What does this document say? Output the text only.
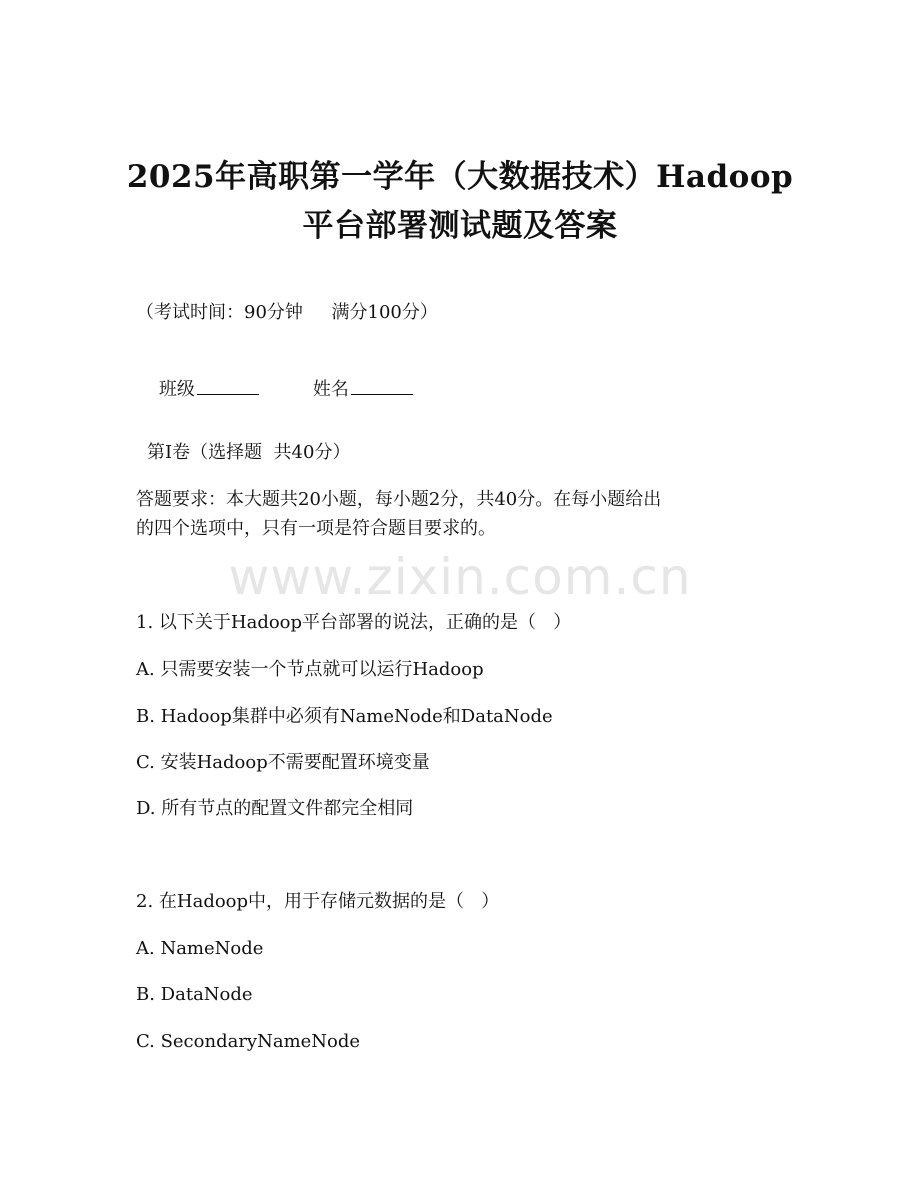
2025年高职第一学年（大数据技术）Hadoop
平台部署测试题及答案
（考试时间：90分钟     满分100分）

班级	姓名

第I卷（选择题  共40分）
答题要求：本大题共20小题，每小题2分，共40分。在每小题给出
的四个选项中，只有一项是符合题目要求的。
www.zixin.com.cn
1. 以下关于Hadoop平台部署的说法，正确的是（   ）
A. 只需要安装一个节点就可以运行Hadoop
B. Hadoop集群中必须有NameNode和DataNode
C. 安装Hadoop不需要配置环境变量
D. 所有节点的配置文件都完全相同
2. 在Hadoop中，用于存储元数据的是（   ）
A. NameNode
B. DataNode
C. SecondaryNameNode
